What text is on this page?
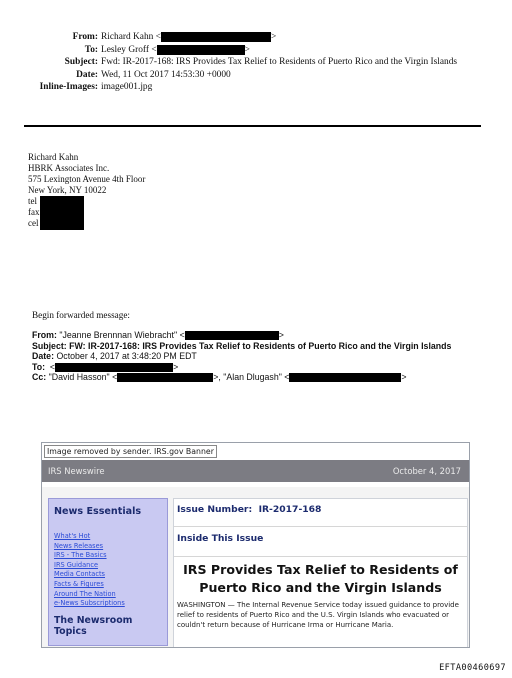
From: Richard Kahn <	>
To: Lesley Groff <	>
Subject: Fwd: IR-2017-168: IRS Provides Tax Relief to Residents of Puerto Rico and the Virgin Islands
Date: Wed, 11 Oct 2017 14:53:30 +0000
Inline-Images: image001.jpg
Richard Kahn
HBRK Associates Inc.
575 Lexington Avenue 4th Floor
New York, NY 10022
tel
fax
cel
Begin forwarded message:
From:
"Jeanne Brennnan Wiebracht" <	>
Subject: FW: IR-2017-168: IRS Provides Tax Relief to Residents of Puerto Rico and the Virgin Islands
Date:
October 4, 2017 at 3:48:20 PM EDT
To:
<	>
Cc:
"David Hasson" <	>, "Alan Dlugash" <	>
Image removed by sender. IRS.gov Banner
IRS Newswire	October 4, 2017
News Essentials
What's Hot
News Releases
IRS - The Basics
IRS Guidance
Media Contacts
Facts & Figures
Around The Nation
e-News Subscriptions
The Newsroom Topics
Issue Number: IR-2017-168
Inside This Issue
IRS Provides Tax Relief to Residents of Puerto Rico and the Virgin Islands
WASHINGTON — The Internal Revenue Service today issued guidance to provide relief to residents of Puerto Rico and the U.S. Virgin Islands who evacuated or couldn't return because of Hurricane Irma or Hurricane Maria.
EFTA00460697
